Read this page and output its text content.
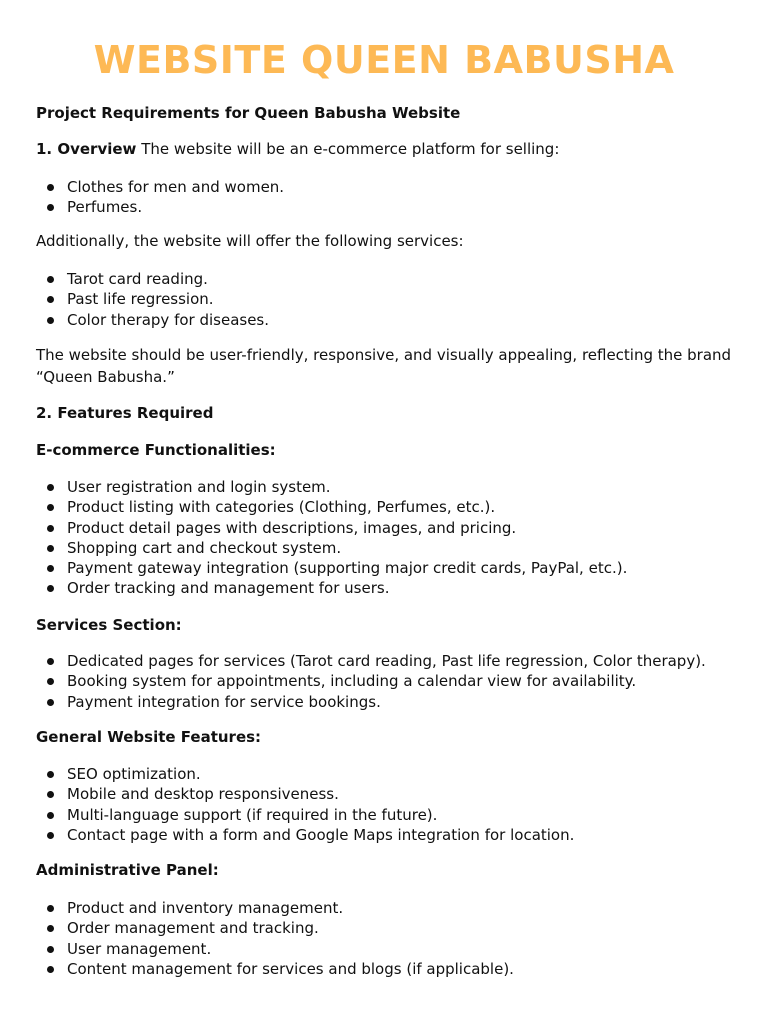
WEBSITE QUEEN BABUSHA

Project Requirements for Queen Babusha Website

1. Overview The website will be an e-commerce platform for selling:

Clothes for men and women.
Perfumes.

Additionally, the website will offer the following services:

Tarot card reading.
Past life regression.
Color therapy for diseases.

The website should be user-friendly, responsive, and visually appealing, reflecting the brand “Queen Babusha.”

2. Features Required

E-commerce Functionalities:

User registration and login system.
Product listing with categories (Clothing, Perfumes, etc.).
Product detail pages with descriptions, images, and pricing.
Shopping cart and checkout system.
Payment gateway integration (supporting major credit cards, PayPal, etc.).
Order tracking and management for users.

Services Section:

Dedicated pages for services (Tarot card reading, Past life regression, Color therapy).
Booking system for appointments, including a calendar view for availability.
Payment integration for service bookings.

General Website Features:

SEO optimization.
Mobile and desktop responsiveness.
Multi-language support (if required in the future).
Contact page with a form and Google Maps integration for location.

Administrative Panel:

Product and inventory management.
Order management and tracking.
User management.
Content management for services and blogs (if applicable).
